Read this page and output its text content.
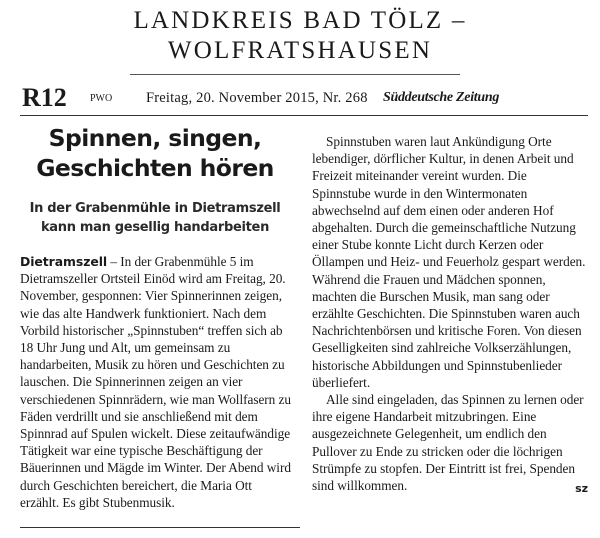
LANDKREIS BAD TÖLZ –
WOLFRATSHAUSEN
R12 PWO Freitag, 20. November 2015, Nr. 268 Süddeutsche Zeitung
Spinnen, singen,
Geschichten hören
In der Grabenmühle in Dietramszell
kann man gesellig handarbeiten

Dietramszell – In der Grabenmühle 5 im Dietramszeller Ortsteil Einöd wird am Freitag, 20. November, gesponnen: Vier Spinnerinnen zeigen, wie das alte Handwerk funktioniert. Nach dem Vorbild historischer „Spinnstuben“ treffen sich ab 18 Uhr Jung und Alt, um gemeinsam zu handarbeiten, Musik zu hören und Geschichten zu lauschen. Die Spinnerinnen zeigen an vier verschiedenen Spinnrädern, wie man Wollfasern zu Fäden verdrillt und sie anschließend mit dem Spinnrad auf Spulen wickelt. Diese zeitaufwändige Tätigkeit war eine typische Beschäftigung der Bäuerinnen und Mägde im Winter. Der Abend wird durch Geschichten bereichert, die Maria Ott erzählt. Es gibt Stubenmusik.

Spinnstuben waren laut Ankündigung Orte lebendiger, dörflicher Kultur, in denen Arbeit und Freizeit miteinander vereint wurden. Die Spinnstube wurde in den Wintermonaten abwechselnd auf dem einen oder anderen Hof abgehalten. Durch die gemeinschaftliche Nutzung einer Stube konnte Licht durch Kerzen oder Öllampen und Heiz- und Feuerholz gespart werden. Während die Frauen und Mädchen sponnen, machten die Burschen Musik, man sang oder erzählte Geschichten. Die Spinnstuben waren auch Nachrichtenbörsen und kritische Foren. Von diesen Geselligkeiten sind zahlreiche Volkserzählungen, historische Abbildungen und Spinnstubenlieder überliefert.

Alle sind eingeladen, das Spinnen zu lernen oder ihre eigene Handarbeit mitzubringen. Eine ausgezeichnete Gelegenheit, um endlich den Pullover zu Ende zu stricken oder die löchrigen Strümpfe zu stopfen. Der Eintritt ist frei, Spenden sind willkommen.	sz
